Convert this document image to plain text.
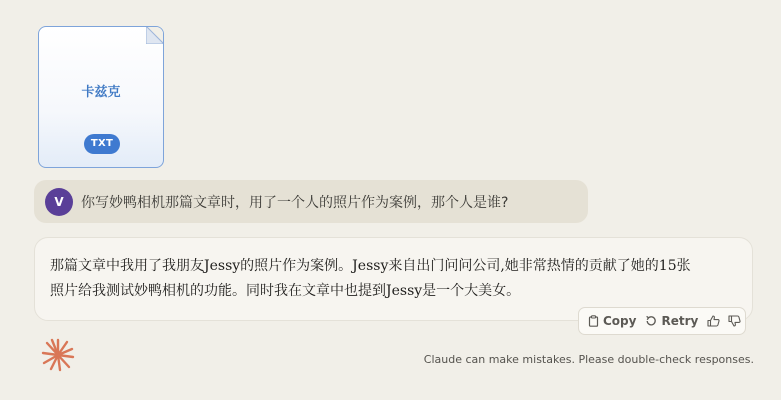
卡兹克
TXT
V	你写妙鸭相机那篇文章时，用了一个人的照片作为案例，那个人是谁?
那篇文章中我用了我朋友Jessy的照片作为案例。Jessy来自出门问问公司,她非常热情的贡献了她的15张照片给我测试妙鸭相机的功能。同时我在文章中也提到Jessy是一个大美女。
Copy Retry
Claude can make mistakes. Please double-check responses.
